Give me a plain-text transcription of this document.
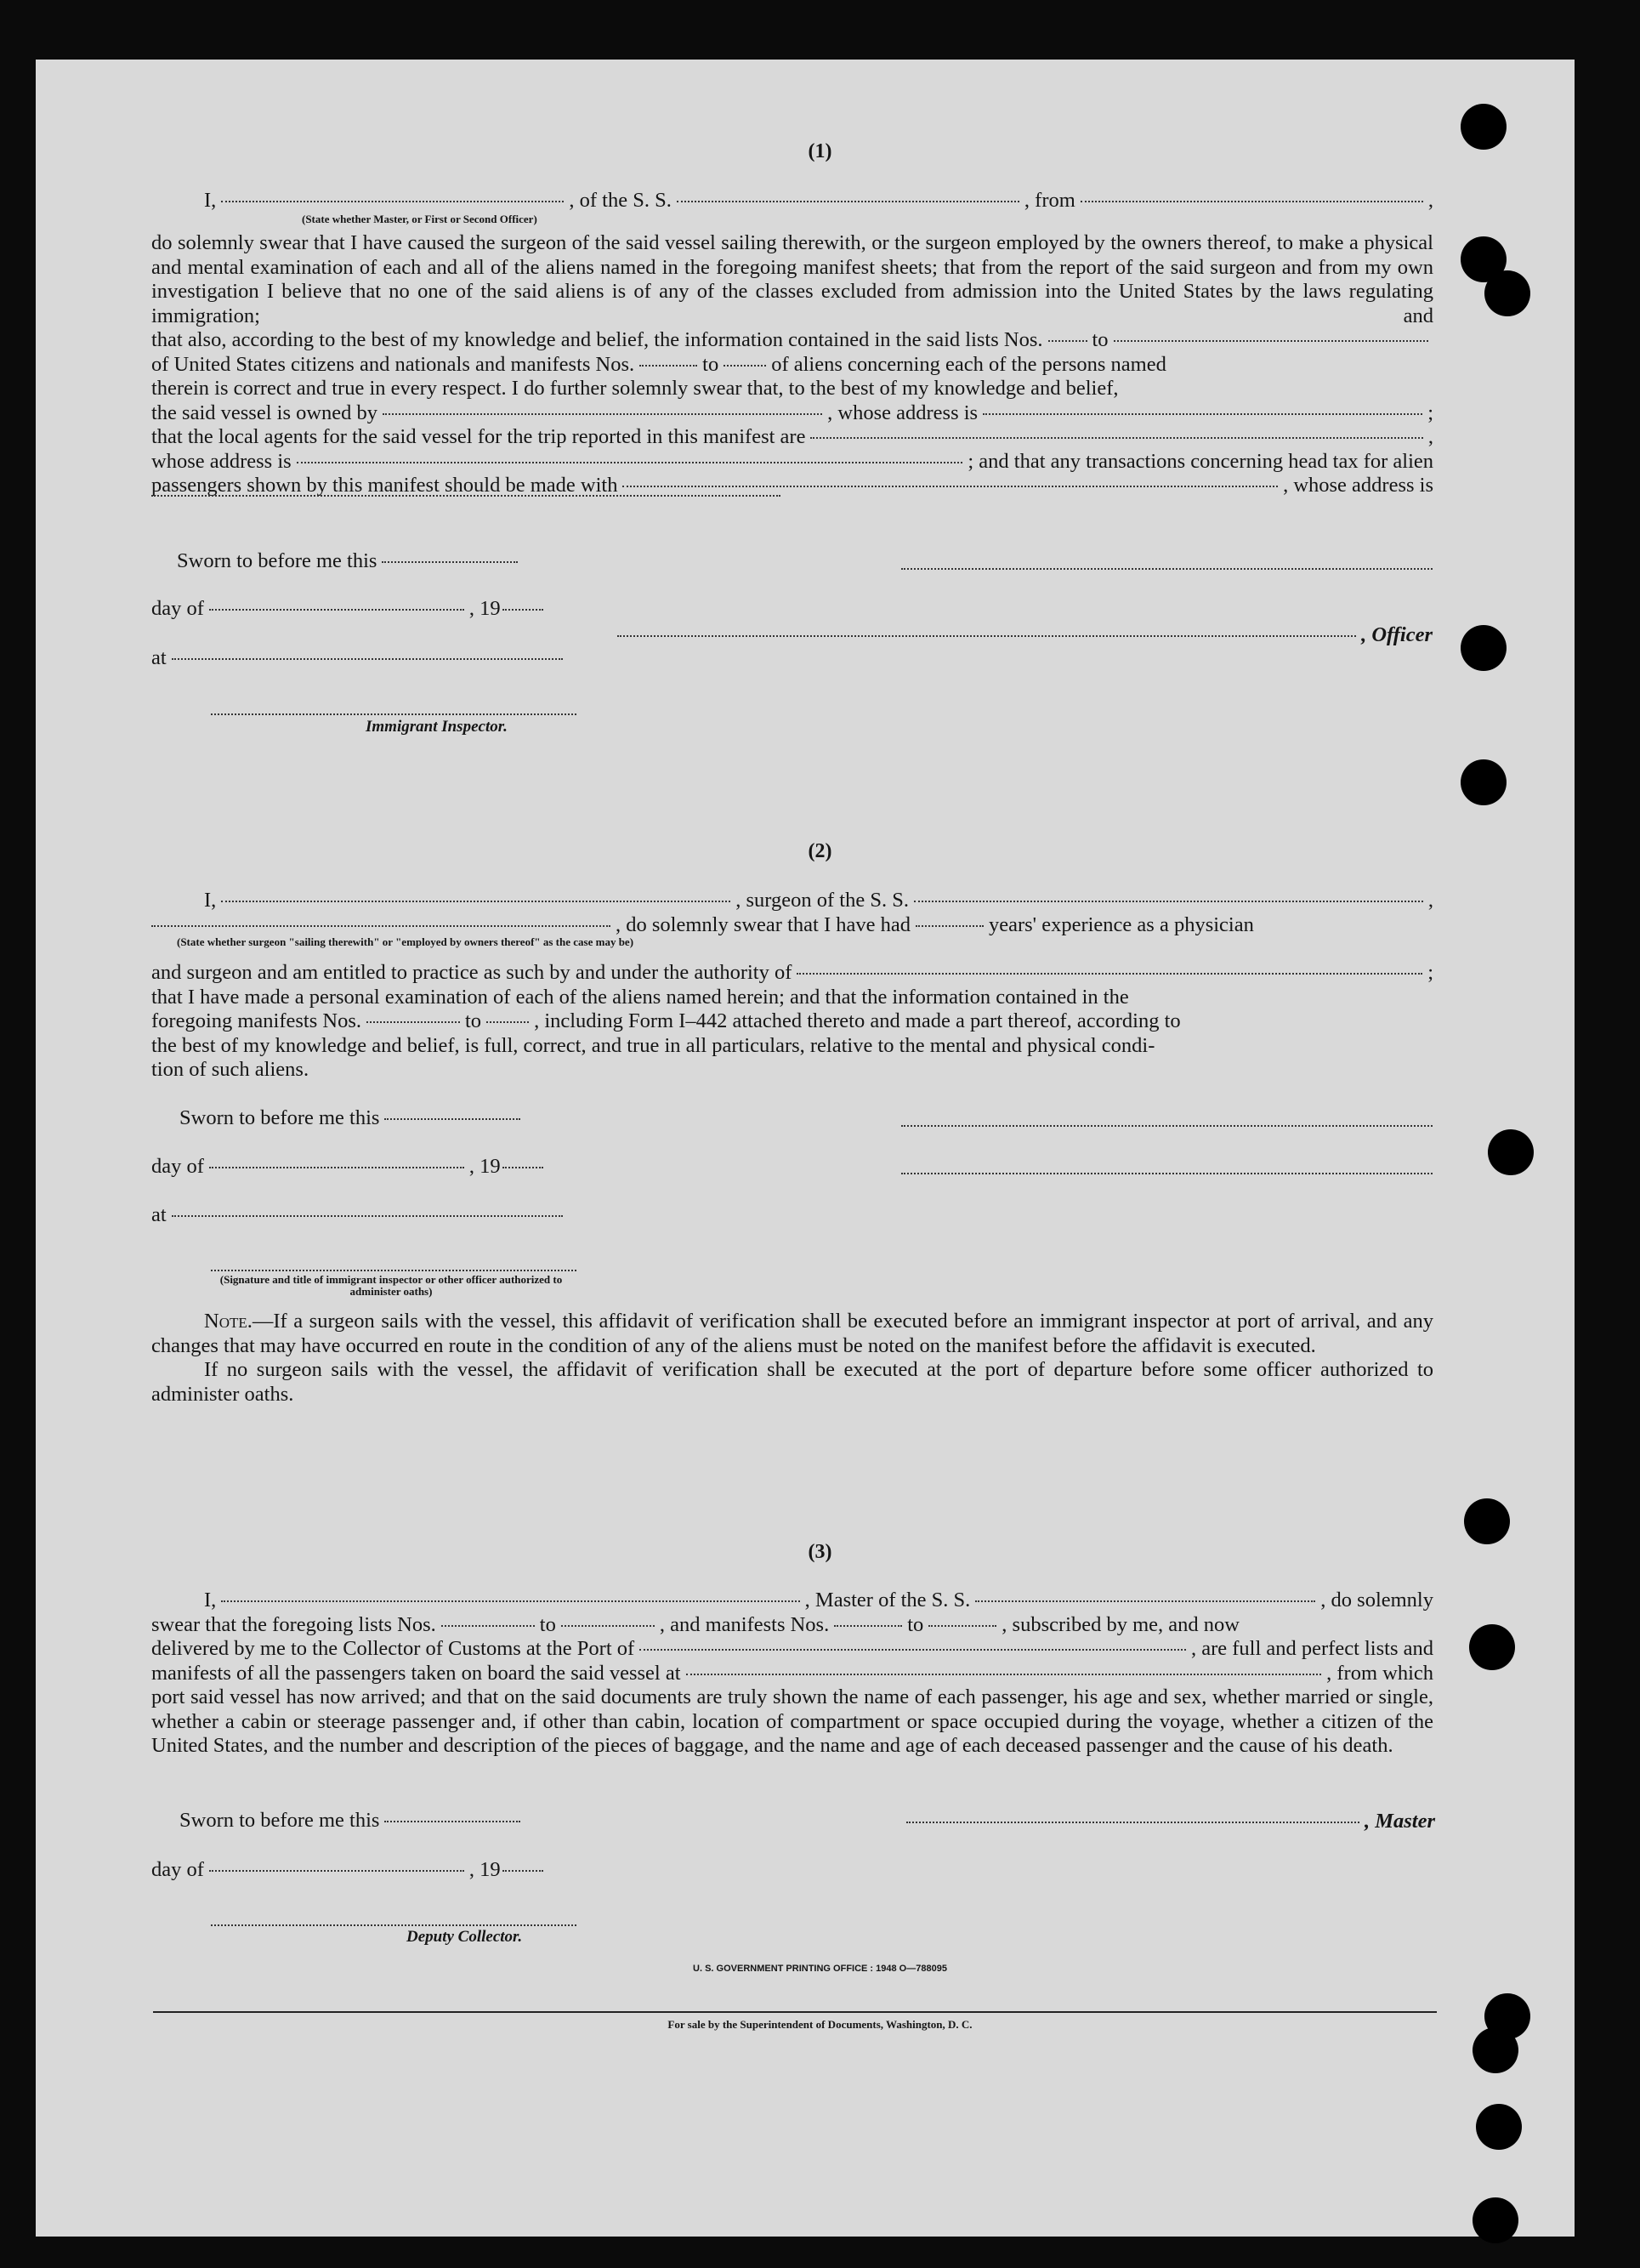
(1)
I,	, of the S. S.	, from	,
(State whether Master, or First or Second Officer)
do solemnly swear that I have caused the surgeon of the said vessel sailing therewith, or the surgeon employed by the owners thereof, to make a physical and mental examination of each and all of the aliens named in the foregoing manifest sheets; that from the report of the said surgeon and from my own investigation I believe that no one of the said aliens is of any of the classes excluded from admission into the United States by the laws regulating immigration; and
that also, according to the best of my knowledge and belief, the information contained in the said lists Nos. to
of United States citizens and nationals and manifests Nos.	to	of aliens concerning each of the persons named
therein is correct and true in every respect. I do further solemnly swear that, to the best of my knowledge and belief,
the said vessel is owned by	, whose address is	;
that the local agents for the said vessel for the trip reported in this manifest are	,
whose address is	; and that any transactions concerning head tax for alien
passengers shown by this manifest should be made with	, whose address is
Sworn to before me this
day of	, 19
, Officer
at
Immigrant Inspector.
(2)
I,	, surgeon of the S. S.	,
, do solemnly swear that I have had	years' experience as a physician
(State whether surgeon "sailing therewith" or "employed by owners thereof" as the case may be)
and surgeon and am entitled to practice as such by and under the authority of	;
that I have made a personal examination of each of the aliens named herein; and that the information contained in the
foregoing manifests Nos.	to	, including Form I–442 attached thereto and made a part thereof, according to
the best of my knowledge and belief, is full, correct, and true in all particulars, relative to the mental and physical condi-
tion of such aliens.
Sworn to before me this
day of	, 19
at
(Signature and title of immigrant inspector or other officer authorized to administer oaths)

Note.—If a surgeon sails with the vessel, this affidavit of verification shall be executed before an immigrant inspector at port of arrival, and any changes that may have occurred en route in the condition of any of the aliens must be noted on the manifest before the affidavit is executed.

If no surgeon sails with the vessel, the affidavit of verification shall be executed at the port of departure before some officer authorized to administer oaths.

(3)
I,	, Master of the S. S.	, do solemnly
swear that the foregoing lists Nos.	to	, and manifests Nos.	to	, subscribed by me, and now
delivered by me to the Collector of Customs at the Port of	, are full and perfect lists and
manifests of all the passengers taken on board the said vessel at	, from which
port said vessel has now arrived; and that on the said documents are truly shown the name of each passenger, his age and sex, whether married or single, whether a cabin or steerage passenger and, if other than cabin, location of compartment or space occupied during the voyage, whether a citizen of the United States, and the number and description of the pieces of baggage, and the name and age of each deceased passenger and the cause of his death.
Sworn to before me this	, Master
day of	, 19
Deputy Collector.
U. S. GOVERNMENT PRINTING OFFICE : 1948 O—788095
For sale by the Superintendent of Documents, Washington, D. C.
